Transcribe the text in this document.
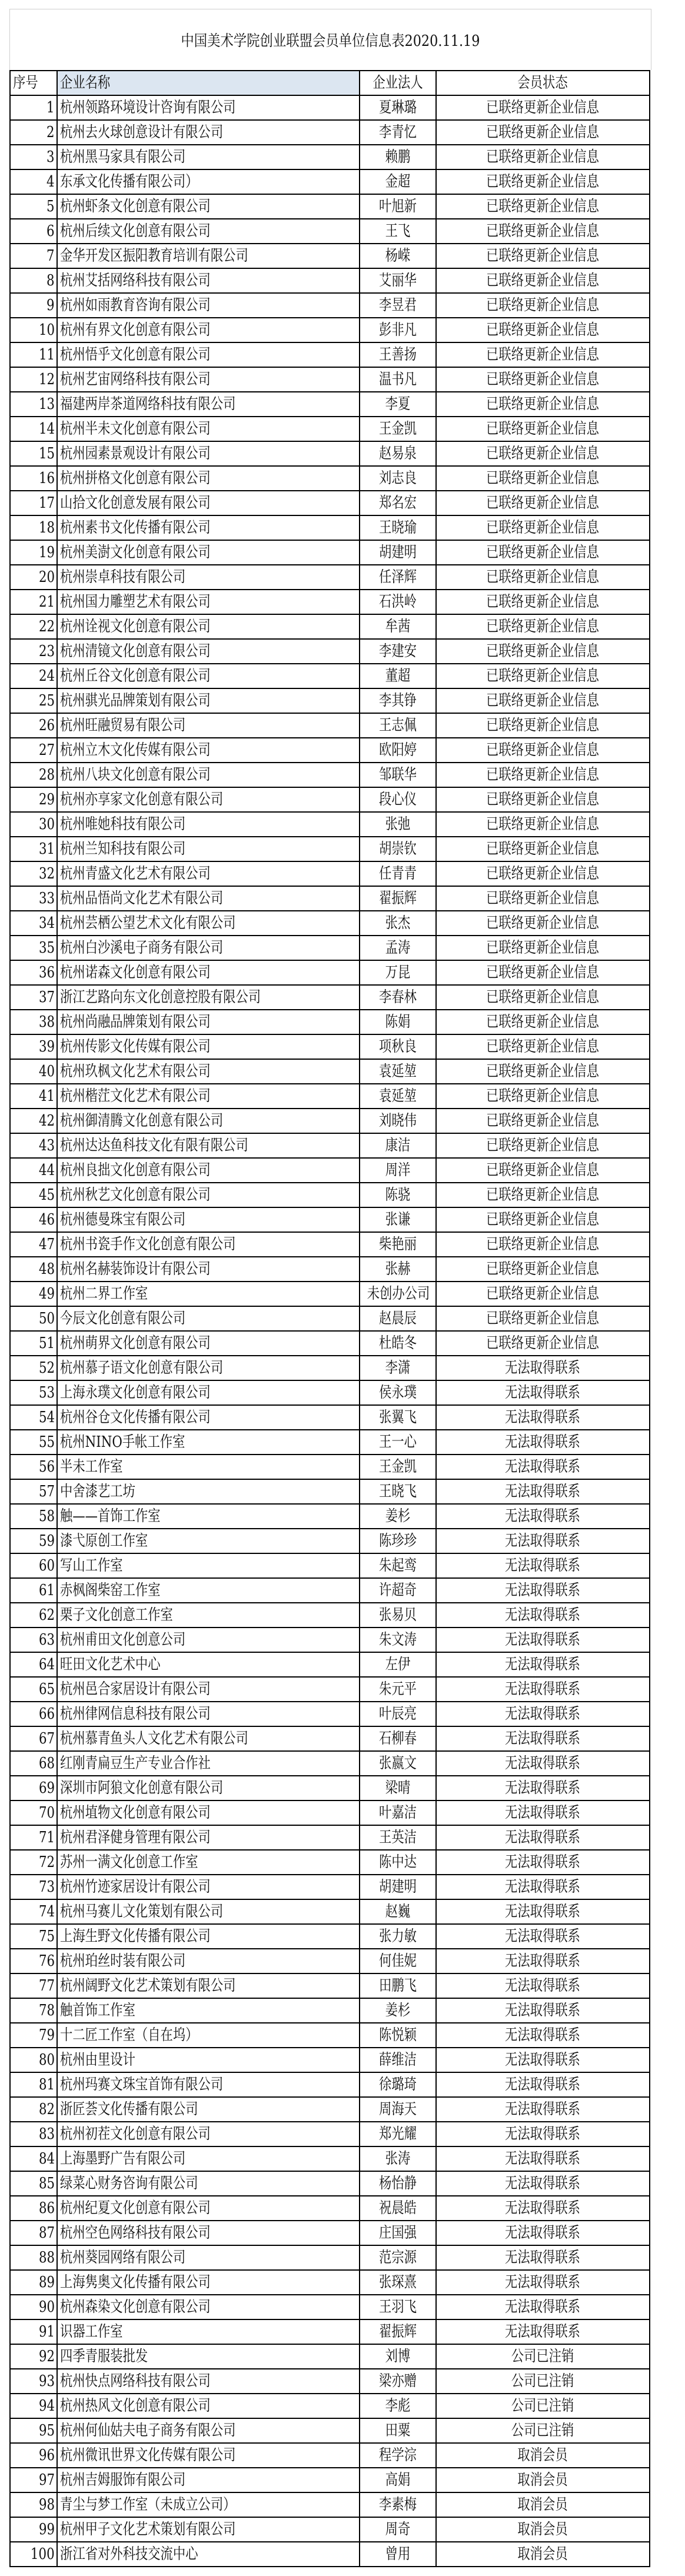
中国美术学院创业联盟会员单位信息表2020.11.19
序号	企业名称	企业法人	会员状态
1	杭州领路环境设计咨询有限公司	夏琳璐	已联络更新企业信息
2	杭州去火球创意设计有限公司	李青忆	已联络更新企业信息
3	杭州黑马家具有限公司	赖鹏	已联络更新企业信息
4	东承文化传播有限公司）	金超	已联络更新企业信息
5	杭州虾条文化创意有限公司	叶旭新	已联络更新企业信息
6	杭州后续文化创意有限公司	王飞	已联络更新企业信息
7	金华开发区振阳教育培训有限公司	杨嵘	已联络更新企业信息
8	杭州艾括网络科技有限公司	艾丽华	已联络更新企业信息
9	杭州如雨教育咨询有限公司	李昱君	已联络更新企业信息
10	杭州有界文化创意有限公司	彭非凡	已联络更新企业信息
11	杭州悟乎文化创意有限公司	王善扬	已联络更新企业信息
12	杭州艺宙网络科技有限公司	温书凡	已联络更新企业信息
13	福建两岸茶道网络科技有限公司	李夏	已联络更新企业信息
14	杭州半未文化创意有限公司	王金凯	已联络更新企业信息
15	杭州园素景观设计有限公司	赵易泉	已联络更新企业信息
16	杭州拼格文化创意有限公司	刘志良	已联络更新企业信息
17	山拾文化创意发展有限公司	郑名宏	已联络更新企业信息
18	杭州素书文化传播有限公司	王晓瑜	已联络更新企业信息
19	杭州美澍文化创意有限公司	胡建明	已联络更新企业信息
20	杭州崇卓科技有限公司	任泽辉	已联络更新企业信息
21	杭州国力雕塑艺术有限公司	石洪岭	已联络更新企业信息
22	杭州诠视文化创意有限公司	牟茜	已联络更新企业信息
23	杭州清镜文化创意有限公司	李建安	已联络更新企业信息
24	杭州丘谷文化创意有限公司	董超	已联络更新企业信息
25	杭州骐光品牌策划有限公司	李其铮	已联络更新企业信息
26	杭州旺融贸易有限公司	王志佩	已联络更新企业信息
27	杭州立木文化传媒有限公司	欧阳婷	已联络更新企业信息
28	杭州八块文化创意有限公司	邹联华	已联络更新企业信息
29	杭州亦享家文化创意有限公司	段心仪	已联络更新企业信息
30	杭州唯她科技有限公司	张弛	已联络更新企业信息
31	杭州兰知科技有限公司	胡崇钦	已联络更新企业信息
32	杭州青盛文化艺术有限公司	任青青	已联络更新企业信息
33	杭州品悟尚文化艺术有限公司	翟振辉	已联络更新企业信息
34	杭州芸栖公望艺术文化有限公司	张杰	已联络更新企业信息
35	杭州白沙溪电子商务有限公司	孟涛	已联络更新企业信息
36	杭州诺森文化创意有限公司	万昆	已联络更新企业信息
37	浙江艺路向东文化创意控股有限公司	李春林	已联络更新企业信息
38	杭州尚融品牌策划有限公司	陈娟	已联络更新企业信息
39	杭州传影文化传媒有限公司	项秋良	已联络更新企业信息
40	杭州玖枫文化艺术有限公司	袁延堃	已联络更新企业信息
41	杭州楷茳文化艺术有限公司	袁延堃	已联络更新企业信息
42	杭州御清腾文化创意有限公司	刘晓伟	已联络更新企业信息
43	杭州达达鱼科技文化有限有限公司	康洁	已联络更新企业信息
44	杭州良拙文化创意有限公司	周洋	已联络更新企业信息
45	杭州秋艺文化创意有限公司	陈骁	已联络更新企业信息
46	杭州德曼珠宝有限公司	张谦	已联络更新企业信息
47	杭州书瓷手作文化创意有限公司	柴艳丽	已联络更新企业信息
48	杭州名赫装饰设计有限公司	张赫	已联络更新企业信息
49	杭州二界工作室	未创办公司	已联络更新企业信息
50	今辰文化创意有限公司	赵晨辰	已联络更新企业信息
51	杭州萌界文化创意有限公司	杜皓冬	已联络更新企业信息
52	杭州慕子语文化创意有限公司	李潇	无法取得联系
53	上海永璞文化创意有限公司	侯永璞	无法取得联系
54	杭州谷仓文化传播有限公司	张翼飞	无法取得联系
55	杭州NINO手帐工作室	王一心	无法取得联系
56	半未工作室	王金凯	无法取得联系
57	中舍漆艺工坊	王晓飞	无法取得联系
58	触——首饰工作室	姜杉	无法取得联系
59	漆弋原创工作室	陈珍珍	无法取得联系
60	写山工作室	朱起鸾	无法取得联系
61	赤枫阁柴窑工作室	许超奇	无法取得联系
62	栗子文化创意工作室	张易贝	无法取得联系
63	杭州甫田文化创意公司	朱文涛	无法取得联系
64	旺田文化艺术中心	左伊	无法取得联系
65	杭州邑合家居设计有限公司	朱元平	无法取得联系
66	杭州律网信息科技有限公司	叶辰亮	无法取得联系
67	杭州慕青鱼头人文化艺术有限公司	石柳春	无法取得联系
68	红刚青扁豆生产专业合作社	张嬴文	无法取得联系
69	深圳市阿狼文化创意有限公司	梁晴	无法取得联系
70	杭州埴物文化创意有限公司	叶嘉洁	无法取得联系
71	杭州君泽健身管理有限公司	王英洁	无法取得联系
72	苏州一满文化创意工作室	陈中达	无法取得联系
73	杭州竹迹家居设计有限公司	胡建明	无法取得联系
74	杭州马赛儿文化策划有限公司	赵巍	无法取得联系
75	上海生野文化传播有限公司	张力敏	无法取得联系
76	杭州珀丝时装有限公司	何佳妮	无法取得联系
77	杭州阔野文化艺术策划有限公司	田鹏飞	无法取得联系
78	触首饰工作室	姜杉	无法取得联系
79	十二匠工作室（自在坞）	陈悦颖	无法取得联系
80	杭州由里设计	薛维洁	无法取得联系
81	杭州玛赛文珠宝首饰有限公司	徐璐琦	无法取得联系
82	浙匠荟文化传播有限公司	周海天	无法取得联系
83	杭州初茬文化创意有限公司	郑光耀	无法取得联系
84	上海墨野广告有限公司	张涛	无法取得联系
85	绿菜心财务咨询有限公司	杨怡静	无法取得联系
86	杭州纪夏文化创意有限公司	祝晨皓	无法取得联系
87	杭州空色网络科技有限公司	庄国强	无法取得联系
88	杭州葵园网络有限公司	范宗源	无法取得联系
89	上海隽奥文化传播有限公司	张琛熹	无法取得联系
90	杭州森染文化创意有限公司	王羽飞	无法取得联系
91	识器工作室	翟振辉	无法取得联系
92	四季青服装批发	刘博	公司已注销
93	杭州快点网络科技有限公司	梁亦赠	公司已注销
94	杭州热风文化创意有限公司	李彪	公司已注销
95	杭州何仙姑夫电子商务有限公司	田粟	公司已注销
96	杭州微讯世界文化传媒有限公司	程学淙	取消会员
97	杭州吉姆服饰有限公司	高娟	取消会员
98	青尘与梦工作室（未成立公司）	李素梅	取消会员
99	杭州甲子文化艺术策划有限公司	周奇	取消会员
100	浙江省对外科技交流中心	曾用	取消会员
